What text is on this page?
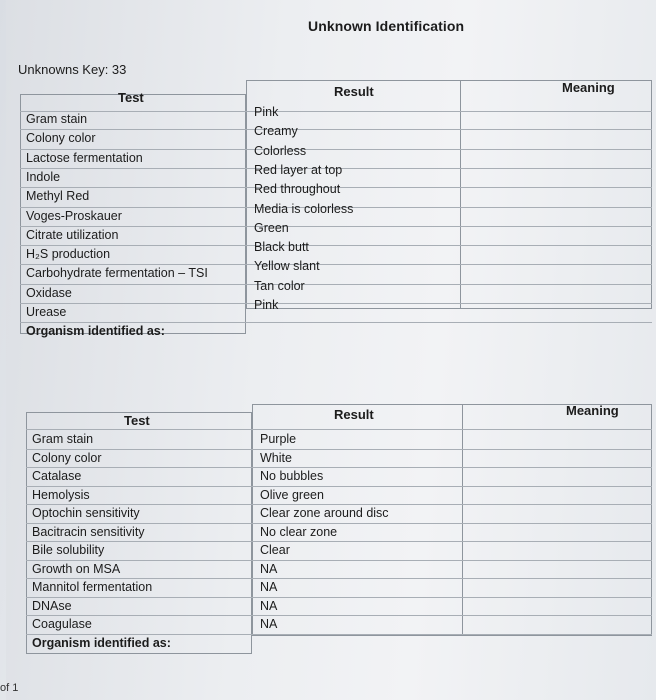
Unknown Identification
Unknowns Key: 33
of 1
Test	Result	Meaning
Gram stain	Pink
Colony color	Creamy
Lactose fermentation	Colorless
Indole	Red layer at top
Methyl Red	Red throughout
Voges-Proskauer	Media is colorless
Citrate utilization	Green
H₂S production	Black butt
Carbohydrate fermentation – TSI	Yellow slant
Oxidase	Tan color
Urease	Pink
Organism identified as:
Test	Result	Meaning
Gram stain	Purple
Colony color	White
Catalase	No bubbles
Hemolysis	Olive green
Optochin sensitivity	Clear zone around disc
Bacitracin sensitivity	No clear zone
Bile solubility	Clear
Growth on MSA	NA
Mannitol fermentation	NA
DNAse	NA
Coagulase	NA
Organism identified as:
